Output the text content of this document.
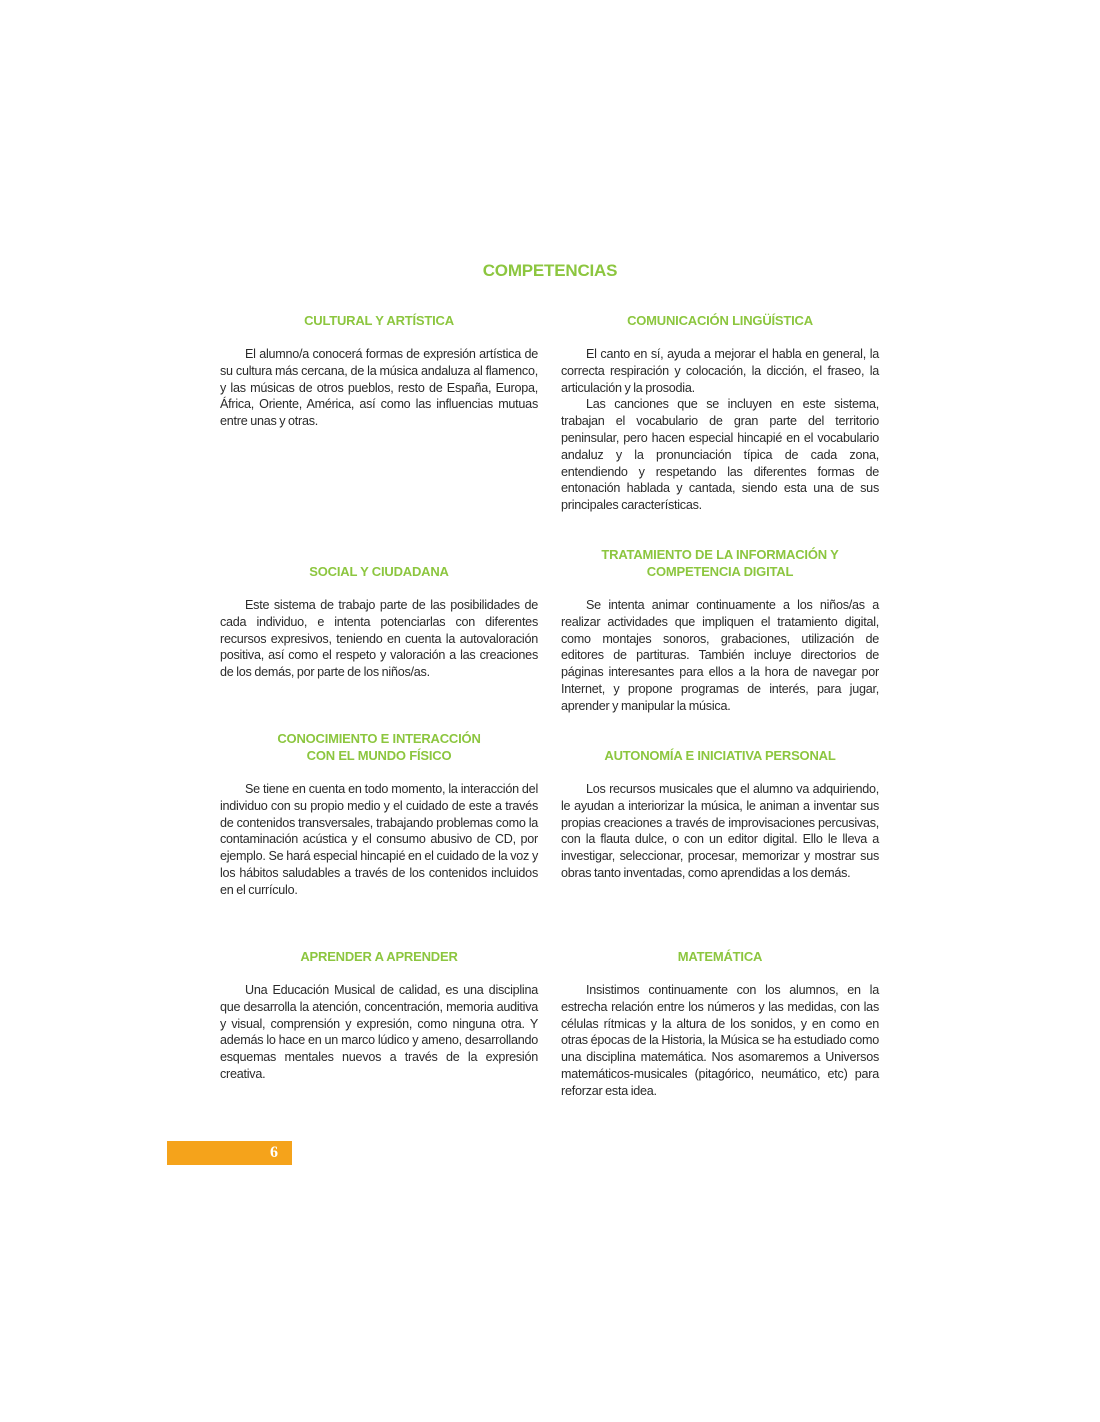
COMPETENCIAS
CULTURAL Y ARTÍSTICA

El alumno/a conocerá formas de expresión artística de su cultura más cercana, de la música andaluza al flamenco, y las músicas de otros pueblos, resto de España, Europa, África, Oriente, América, así como las influencias mutuas entre unas y otras.

COMUNICACIÓN LINGÜÍSTICA

El canto en sí, ayuda a mejorar el habla en general, la correcta respiración y colocación, la dicción, el fraseo, la articulación y la prosodia.

Las canciones que se incluyen en este sistema, trabajan el vocabulario de gran parte del territorio peninsular, pero hacen especial hincapié en el vocabulario andaluz y la pronunciación típica de cada zona, entendiendo y respetando las diferentes formas de entonación hablada y cantada, siendo esta una de sus principales características.

SOCIAL Y CIUDADANA

Este sistema de trabajo parte de las posibilidades de cada individuo, e intenta potenciarlas con diferentes recursos expresivos, teniendo en cuenta la autovaloración positiva, así como el respeto y valoración a las creaciones de los demás, por parte de los niños/as.

TRATAMIENTO DE LA INFORMACIÓN Y
COMPETENCIA DIGITAL

Se intenta animar continuamente a los niños/as a realizar actividades que impliquen el tratamiento digital, como montajes sonoros, grabaciones, utilización de editores de partituras. También incluye directorios de páginas interesantes para ellos a la hora de navegar por Internet, y propone programas de interés, para jugar, aprender y manipular la música.

CONOCIMIENTO E INTERACCIÓN
CON EL MUNDO FÍSICO

Se tiene en cuenta en todo momento, la interacción del individuo con su propio medio y el cuidado de este a través de contenidos transversales, trabajando problemas como la contaminación acústica y el consumo abusivo de CD, por ejemplo. Se hará especial hincapié en el cuidado de la voz y los hábitos saludables a través de los contenidos incluidos en el currículo.

AUTONOMÍA E INICIATIVA PERSONAL

Los recursos musicales que el alumno va adquiriendo, le ayudan a interiorizar la música, le animan a inventar sus propias creaciones a través de improvisaciones percusivas, con la flauta dulce, o con un editor digital. Ello le lleva a investigar, seleccionar, procesar, memorizar y mostrar sus obras tanto inventadas, como aprendidas a los demás.

APRENDER A APRENDER

Una Educación Musical de calidad, es una disciplina que desarrolla la atención, concentración, memoria auditiva y visual, comprensión y expresión, como ninguna otra. Y además lo hace en un marco lúdico y ameno, desarrollando esquemas mentales nuevos a través de la expresión creativa.

MATEMÁTICA

Insistimos continuamente con los alumnos, en la estrecha relación entre los números y las medidas, con las células rítmicas y la altura de los sonidos, y en como en otras épocas de la Historia, la Música se ha estudiado como una disciplina matemática. Nos asomaremos a Universos matemáticos-musicales (pitagórico, neumático, etc) para reforzar esta idea.

6
